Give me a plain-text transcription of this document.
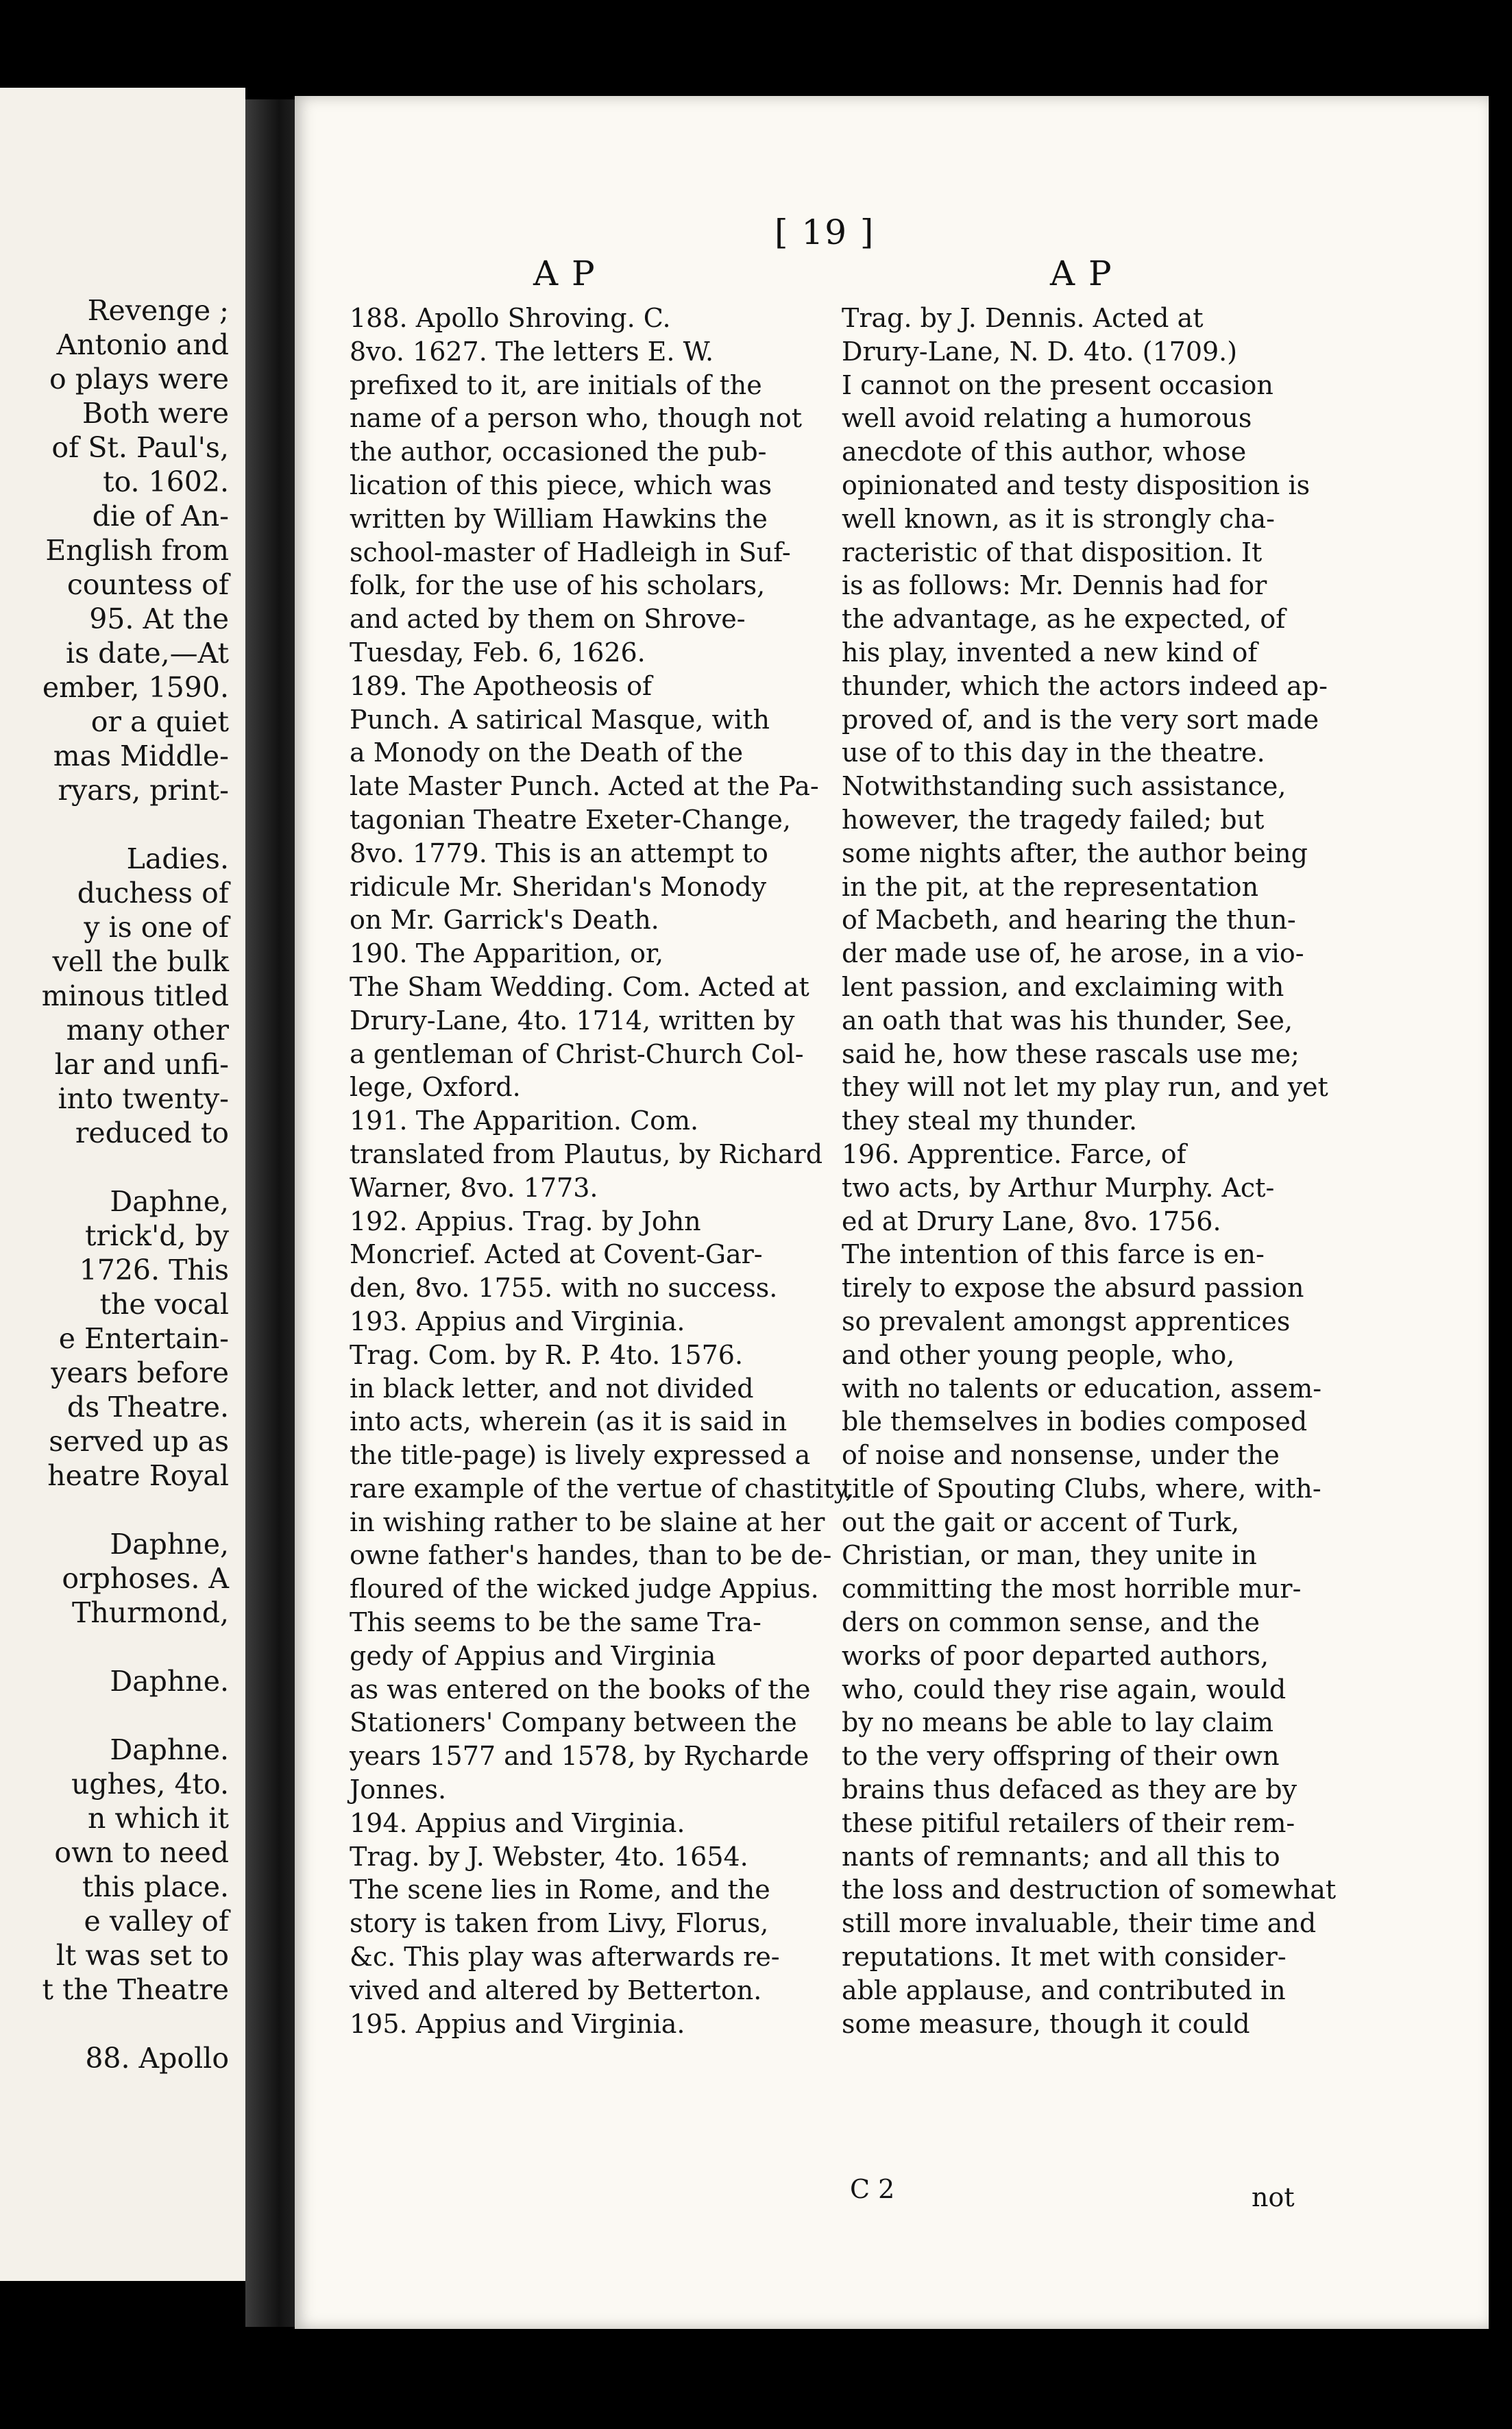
Revenge ;
Antonio and
o plays were
Both were
of St. Paul's,
to. 1602.
die of An-
English from
countess of
95. At the
is date,—At
ember, 1590.
or a quiet
mas Middle-
ryars, print-
Ladies.
duchess of
y is one of
vell the bulk
minous titled
many other
lar and unfi-
into twenty-
reduced to
Daphne,
trick'd, by
1726. This
the vocal
e Entertain-
years before
ds Theatre.
served up as
heatre Royal
Daphne,
orphoses. A
Thurmond,
Daphne.
Daphne.
ughes, 4to.
n which it
own to need
this place.
e valley of
lt was set to
t the Theatre
88. Apollo
[ 19 ]
A P	A P
188. Apollo Shroving. C.
8vo. 1627. The letters E. W.
prefixed to it, are initials of the
name of a person who, though not
the author, occasioned the pub-
lication of this piece, which was
written by William Hawkins the
school-master of Hadleigh in Suf-
folk, for the use of his scholars,
and acted by them on Shrove-
Tuesday, Feb. 6, 1626.
189. The Apotheosis of
Punch. A satirical Masque, with
a Monody on the Death of the
late Master Punch. Acted at the Pa-
tagonian Theatre Exeter-Change,
8vo. 1779. This is an attempt to
ridicule Mr. Sheridan's Monody
on Mr. Garrick's Death.
190. The Apparition, or,
The Sham Wedding. Com. Acted at
Drury-Lane, 4to. 1714, written by
a gentleman of Christ-Church Col-
lege, Oxford.
191. The Apparition. Com.
translated from Plautus, by Richard
Warner, 8vo. 1773.
192. Appius. Trag. by John
Moncrief. Acted at Covent-Gar-
den, 8vo. 1755. with no success.
193. Appius and Virginia.
Trag. Com. by R. P. 4to. 1576.
in black letter, and not divided
into acts, wherein (as it is said in
the title-page) is lively expressed a
rare example of the vertue of chastity,
in wishing rather to be slaine at her
owne father's handes, than to be de-
floured of the wicked judge Appius.
This seems to be the same Tra-
gedy of Appius and Virginia
as was entered on the books of the
Stationers' Company between the
years 1577 and 1578, by Rycharde
Jonnes.
194. Appius and Virginia.
Trag. by J. Webster, 4to. 1654.
The scene lies in Rome, and the
story is taken from Livy, Florus,
&c. This play was afterwards re-
vived and altered by Betterton.
195. Appius and Virginia.
Trag. by J. Dennis. Acted at
Drury-Lane, N. D. 4to. (1709.)
I cannot on the present occasion
well avoid relating a humorous
anecdote of this author, whose
opinionated and testy disposition is
well known, as it is strongly cha-
racteristic of that disposition. It
is as follows: Mr. Dennis had for
the advantage, as he expected, of
his play, invented a new kind of
thunder, which the actors indeed ap-
proved of, and is the very sort made
use of to this day in the theatre.
Notwithstanding such assistance,
however, the tragedy failed; but
some nights after, the author being
in the pit, at the representation
of Macbeth, and hearing the thun-
der made use of, he arose, in a vio-
lent passion, and exclaiming with
an oath that was his thunder, See,
said he, how these rascals use me;
they will not let my play run, and yet
they steal my thunder.
196. Apprentice. Farce, of
two acts, by Arthur Murphy. Act-
ed at Drury Lane, 8vo. 1756.
The intention of this farce is en-
tirely to expose the absurd passion
so prevalent amongst apprentices
and other young people, who,
with no talents or education, assem-
ble themselves in bodies composed
of noise and nonsense, under the
title of Spouting Clubs, where, with-
out the gait or accent of Turk,
Christian, or man, they unite in
committing the most horrible mur-
ders on common sense, and the
works of poor departed authors,
who, could they rise again, would
by no means be able to lay claim
to the very offspring of their own
brains thus defaced as they are by
these pitiful retailers of their rem-
nants of remnants; and all this to
the loss and destruction of somewhat
still more invaluable, their time and
reputations. It met with consider-
able applause, and contributed in
some measure, though it could
C 2	not
